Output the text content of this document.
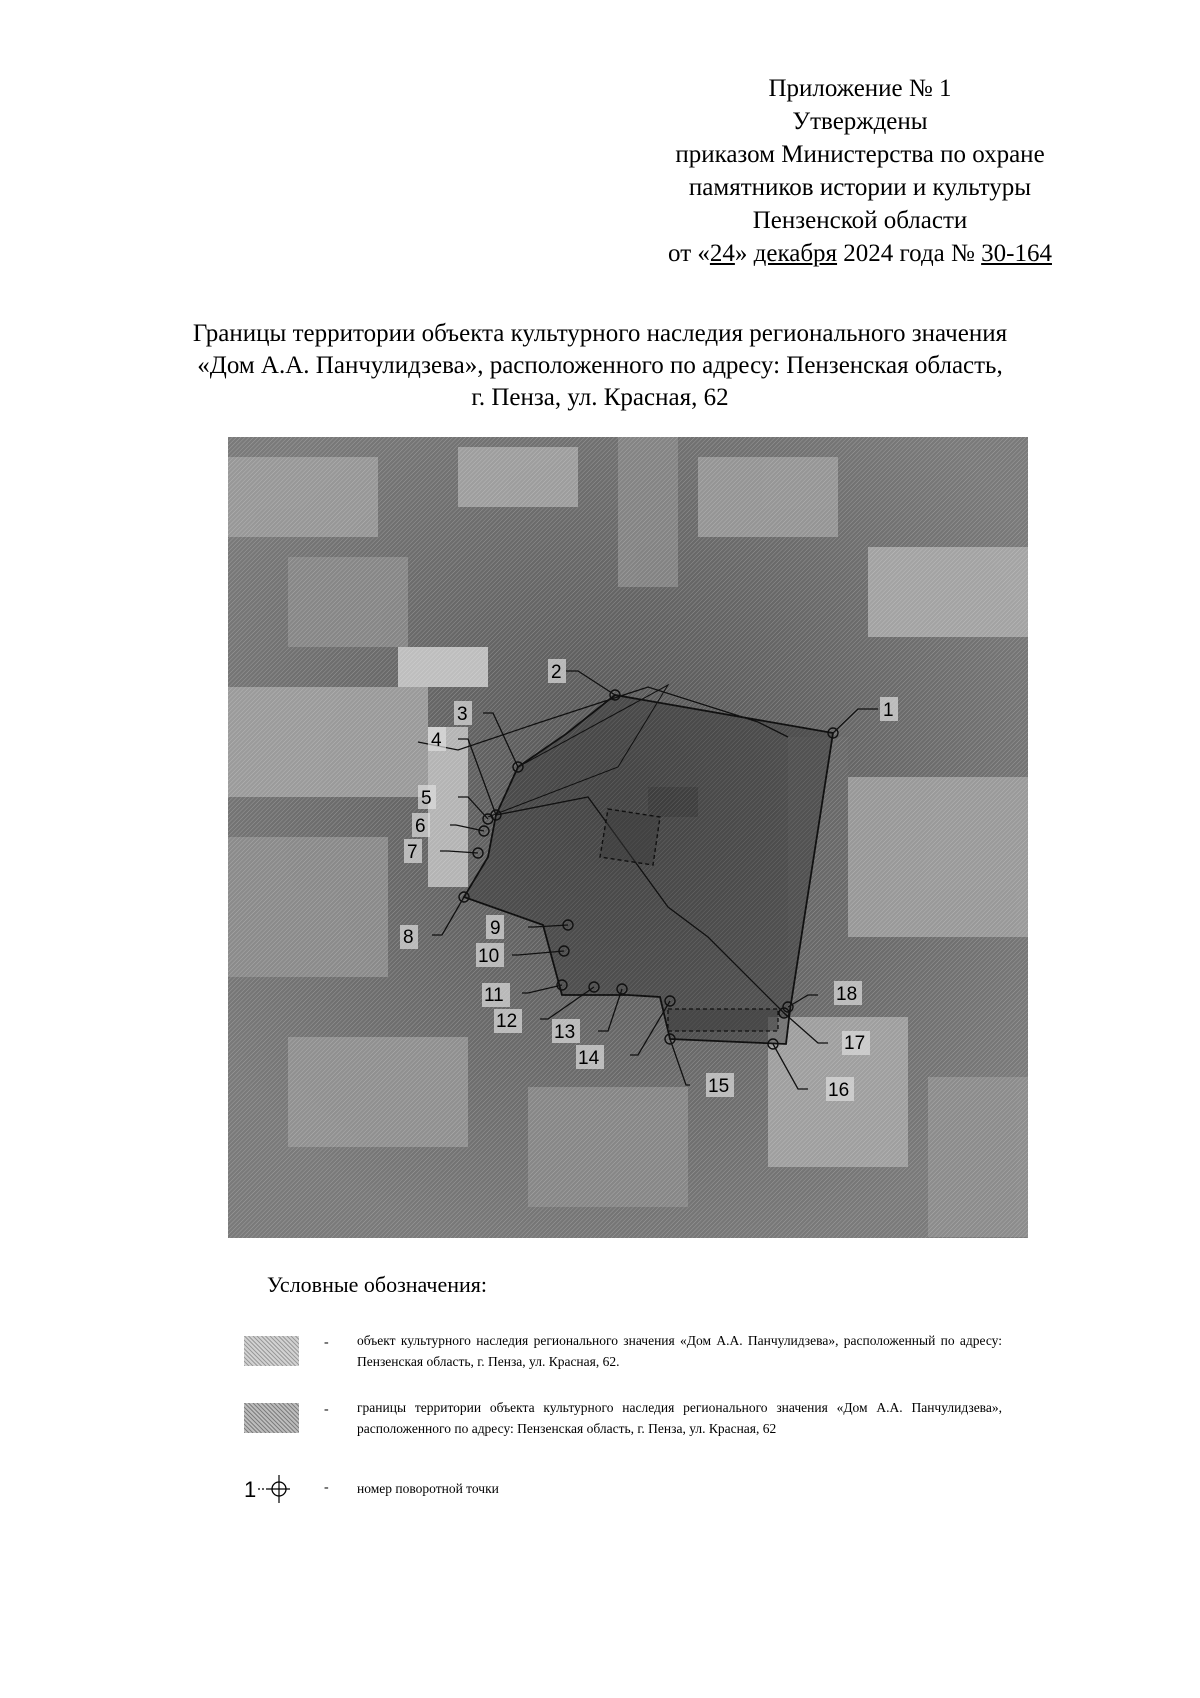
Приложение № 1
Утверждены
приказом Министерства по охране
памятников истории и культуры
Пензенской области
от «24» декабря 2024 года № 30-164
Границы территории объекта культурного наследия регионального значения
«Дом А.А. Панчулидзева», расположенного по адресу: Пензенская область,
г. Пенза, ул. Красная, 62
1
2
3
4
5
6
7
8	9
10
11
12
13
14
15	16
17
18
Условные обозначения:
- объект культурного наследия регионального значения «Дом А.А. Панчулидзева», расположенный по адресу: Пензенская область, г. Пенза, ул. Красная, 62.
- границы территории объекта культурного наследия регионального значения «Дом А.А. Панчулидзева», расположенного по адресу: Пензенская область, г. Пенза, ул. Красная, 62
1	- номер поворотной точки
